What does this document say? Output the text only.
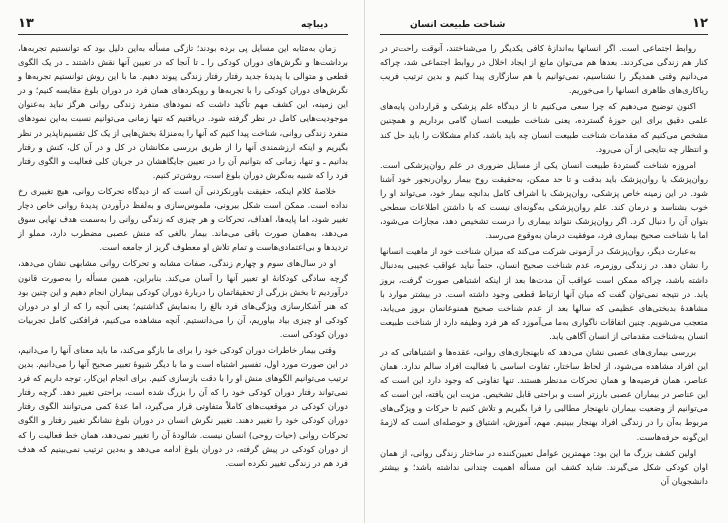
۱۳	دیباچه

زمان بەمثابه این مسایل پی برده بودند؛ تازگی مسأله بەاین دلیل بود که توانستیم تجربه‌ها، برداشت‌ها و نگرش‌های دوران کودکی را ـ تا آنجا که در تعیین آنها نقش داشتند ـ در یک الگوی قطعی و متوالی با پدیدهٔ جدید رفتار رفتار زندگی پیوند دهیم. ما با این روش توانستیم تجربه‌ها و نگرش‌های دوران کودکی را با تجربه‌ها و رویکردهای همان فرد در دوران بلوغ مقایسه کنیم؛ و در این زمینه، این کشف مهم تأکید داشت که نمودهای منفرد زندگی روانی هرگز نباید به‌عنوان موجودیت‌هایی کامل در نظر گرفته شود. دریافتیم که تنها زمانی می‌توانیم نسبت به‌این نمودهای منفرد زندگی روانی، شناخت پیدا کنیم که آنها را به‌منزلهٔ بخش‌هایی از یک کل تقسیم‌ناپذیر در نظر بگیریم و اینکه ارزشمندی آنها را از طریق بررسی مکانشان در کل و در آن کل، کنش و رفتار بدانیم ـ و تنها، زمانی که بتوانیم آن را در تعیین جایگاهشان در جریان کلی فعالیت و الگوی رفتار فرد را که شبیه به‌نگرش دوران بلوغ است، روشن‌تر کنیم.

خلاصهٔ کلام اینکه، حقیقت باورنکردنی آن است که از دیدگاه تحرکات روانی، هیچ تغییری رخ نداده است. ممکن است شکل بیرونی، ملموس‌سازی و بەلفظ درآوردن پدیدهٔ روانی خاص دچار تغییر شود، اما پایه‌ها، اهداف، تحرکات و هر چیزی که زندگی روانی را به‌سمت هدف نهایی سوق می‌دهد، به‌همان صورت باقی می‌ماند. بیمار بالغی که منش عصبی مضطرب دارد، مملو از تردیدها و بی‌اعتمادی‌هاست و تمام تلاش او معطوف گریز از جامعه است.

او در سال‌های سوم و چهارم زندگی، صفات مشابه و تحرکات روانی مشابهی نشان می‌دهد، گرچه سادگی کودکانهٔ او تعبیر آنها را آسان می‌کند. بنابراین، همین مسأله را به‌صورت قانون درآوردیم تا بخش بزرگی از تحقیقاتمان را دربارهٔ دوران کودکی بیماران انجام دهیم و این چنین بود که هنر آشکارسازی ویژگی‌های فرد بالغ را به‌نمایش گذاشتیم؛ یعنی آنچه را که از او در دوران کودکی او چیزی بیاد بیاوریم، آن را می‌دانستیم. آنچه مشاهده می‌کنیم، فرافکنی کامل تجربیات دوران کودکی است.

وقتی بیمار خاطرات دوران کودکی خود را برای ما بازگو می‌کند، ما باید معنای آنها را می‌دانیم، در این صورت مورد اول، تفسیر اشتباه است و ما با دیگر شیوهٔ تعبیر صحیح آنها را می‌دانیم. بدین ترتیب می‌توانیم الگوهای منش او را با دقت بازسازی کنیم. برای انجام این‌کار، توجه داریم که فرد نمی‌تواند رفتار دوران کودکی خود را که آن را بزرگ شده است، براحتی تغییر دهد. گرچه رفتار دوران کودکی در موقعیت‌های کاملاً متفاوتی قرار می‌گیرد، اما عدهٔ کمی می‌توانند الگوی رفتار دوران کودکی خود را تغییر دهند. تغییر نگرش انسان در دوران بلوغ نشانگر تغییر رفتار و الگوی تحرکات روانی (حیات روحی) انسان نیست. شالودهٔ آن را تغییر نمی‌دهد، همان خط فعالیت را که از دوران کودکی در پیش گرفته، در دوران بلوغ ادامه می‌دهد و به‌دین ترتیب نمی‌بینیم که هدف فرد هم در زندگی تغییر نکرده است.

۱۲
شناخت طبیعت انسان

روابط اجتماعی است. اگر انسانها به‌اندازهٔ کافی یکدیگر را می‌شناختند، آنوقت راحت‌تر در کنار هم زندگی می‌کردند. بعدها هم می‌توان مانع از ایجاد اخلال در روابط اجتماعی شد، چراکه می‌دانیم وقتی همدیگر را نشناسیم، نمی‌توانیم با هم سازگاری پیدا کنیم و بدین ترتیب فریب ریاکاری‌های ظاهری انسانها را می‌خوریم.

اکنون توضیح می‌دهیم که چرا سعی می‌کنیم تا از دیدگاه علم پزشکی و قراردادن پایه‌های علمی دقیق برای این حوزهٔ گسترده، یعنی شناخت طبیعت انسان گامی برداریم و همچنین مشخص می‌کنیم که مقدمات شناخت طبیعت انسان چه باید باشد، کدام مشکلات را باید حل کند و انتظار چه نتایجی از آن می‌رود.

امروزه شناخت گستردهٔ طبیعت انسان یکی از مسایل ضروری در علم روان‌پزشکی است. روان‌پزشک یا روان‌پزشک باید بدقت و تا حد ممکن، به‌حقیقت روح بیمار روان‌رنجور خود آشنا شود. در این زمینه خاص پزشکی، روان‌پزشک با اشراف کامل بدانچه بیمار خود، می‌تواند او را خوب بشناسد و درمان کند. علم روان‌پزشکی به‌گونه‌ای نیست که با داشتن اطلاعات سطحی بتوان آن را دنبال کرد. اگر روان‌پزشک نتواند بیماری را درست تشخیص دهد، مجازات می‌شود، اما با شناخت صحیح بیماری فرد، موفقیت درمان به‌وقوع می‌رسد.

به‌عبارت دیگر، روان‌پزشک در آزمونی شرکت می‌کند که میزان شناخت خود از ماهیت انسانها را نشان دهد. در زندگی روزمره، عدم شناخت صحیح انسان، حتماً نباید عواقب عجیبی به‌دنبال داشته باشد، چراکه ممکن است عواقب آن مدت‌ها بعد از اینکه اشتباهی صورت گرفت، بروز یابد. در نتیجه نمی‌توان گفت که میان آنها ارتباط قطعی وجود داشته است. در بیشتر موارد با مشاهدهٔ بدبختی‌های عظیمی که سالها بعد از عدم شناخت صحیح همنوعانمان بروز می‌یابد، متعجب می‌شویم. چنین اتفاقات ناگواری بەما می‌آموزد که هر فرد وظیفه دارد از شناخت طبیعت انسان به‌شناخت مقدماتی از انسان آگاهی یابد.

بررسی بیماری‌های عصبی نشان می‌دهد که نابهنجاری‌های روانی، عقده‌ها و اشتباهاتی که در این افراد مشاهده می‌شود، از لحاظ ساختار، تفاوت اساسی با فعالیت افراد سالم ندارد. همان عناصر، همان فرضیه‌ها و همان تحرکات مدنظر هستند. تنها تفاوتی که وجود دارد این است که این عناصر در بیماران عصبی بارزتر است و براحتی قابل تشخیص. مزیت این یافته، این است که می‌توانیم از وضعیت بیماران نابهنجار مطالبی را فرا بگیریم و تلاش کنیم تا حرکات و ویژگی‌های مربوط به‌آن را در زندگی افراد بهنجار ببینیم. مهم، آموزش، اشتیاق و حوصله‌ای است که لازمهٔ این‌گونه حرفه‌هاست.

اولین کشف بزرگ ما این بود: مهمترین عوامل تعیین‌کننده در ساختار زندگی روانی، از همان اوان کودکی شکل می‌گیرند. شاید کشف این مسأله اهمیت چندانی نداشته باشد؛ و بیشتر دانشجویان آن
